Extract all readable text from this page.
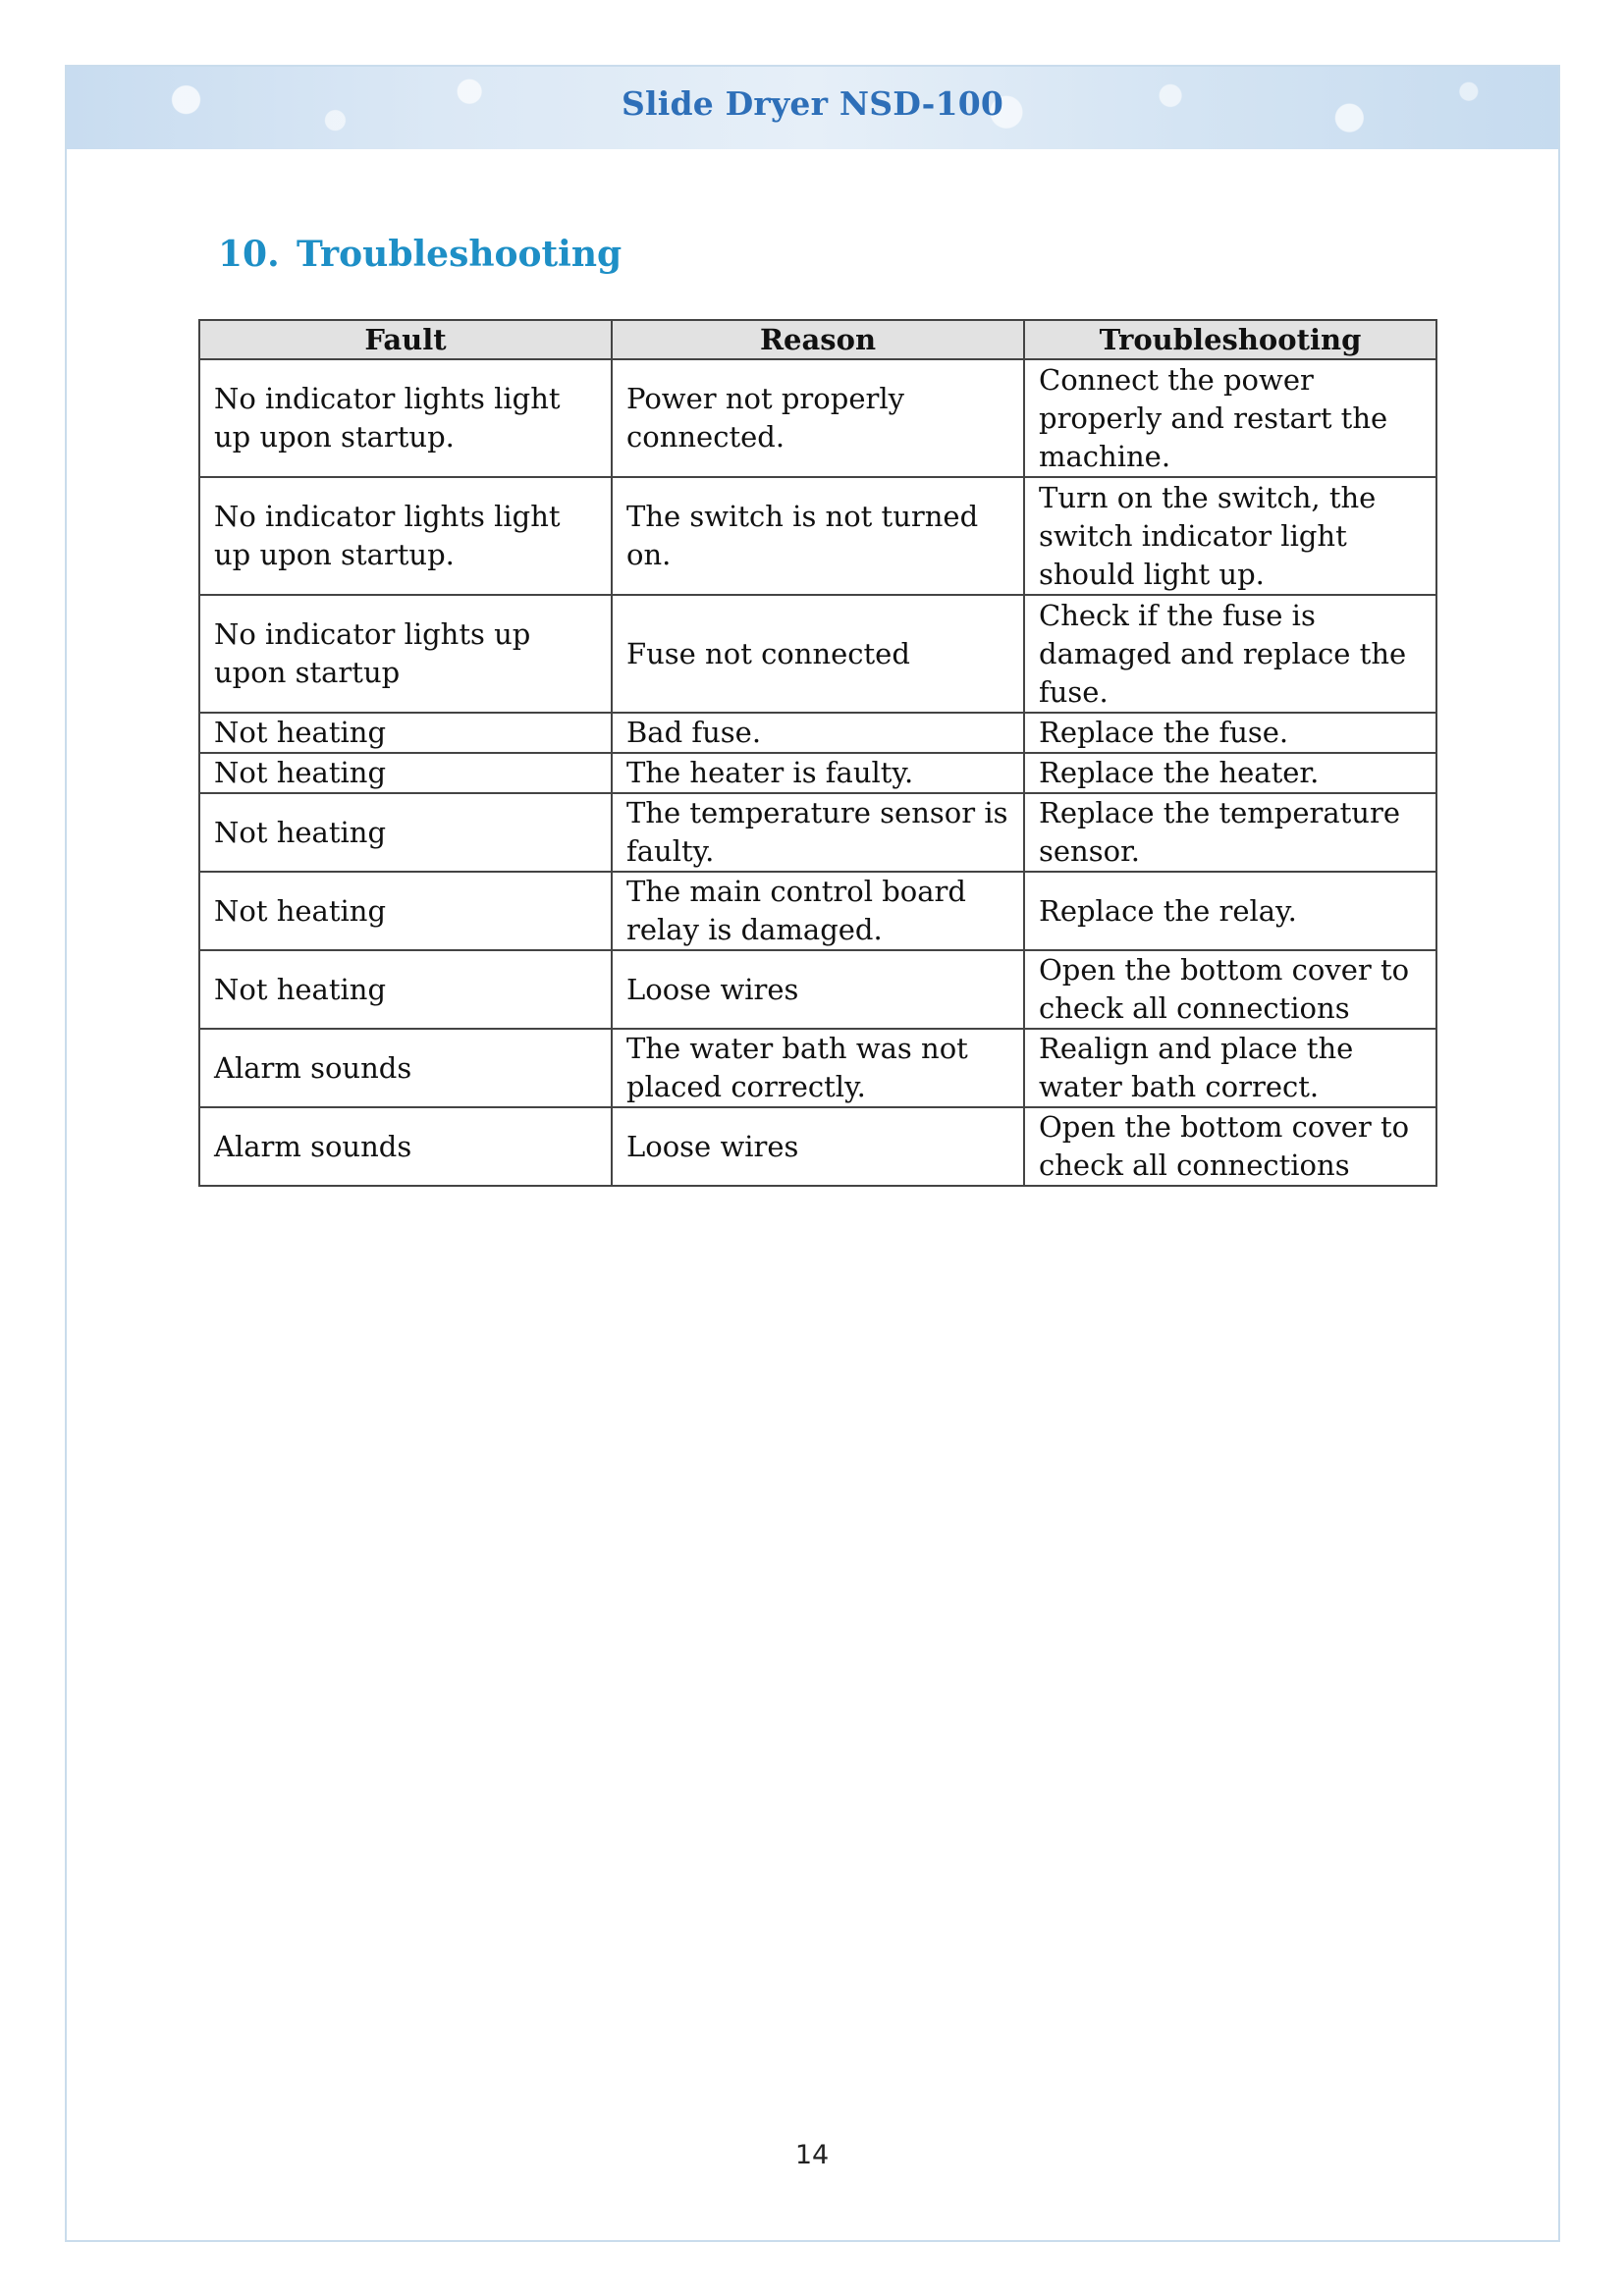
Slide Dryer NSD-100
10. Troubleshooting
Fault	Reason	Troubleshooting
No indicator lights light up upon startup.	Power not properly connected.	Connect the power properly and restart the machine.
No indicator lights light up upon startup.	The switch is not turned on.	Turn on the switch, the switch indicator light should light up.
No indicator lights up upon startup	Fuse not connected	Check if the fuse is damaged and replace the fuse.
Not heating	Bad fuse.	Replace the fuse.
Not heating	The heater is faulty.	Replace the heater.
Not heating	The temperature sensor is faulty.	Replace the temperature sensor.
Not heating	The main control board relay is damaged.	Replace the relay.
Not heating	Loose wires	Open the bottom cover to check all connections
Alarm sounds	The water bath was not placed correctly.	Realign and place the water bath correct.
Alarm sounds	Loose wires	Open the bottom cover to check all connections
14
